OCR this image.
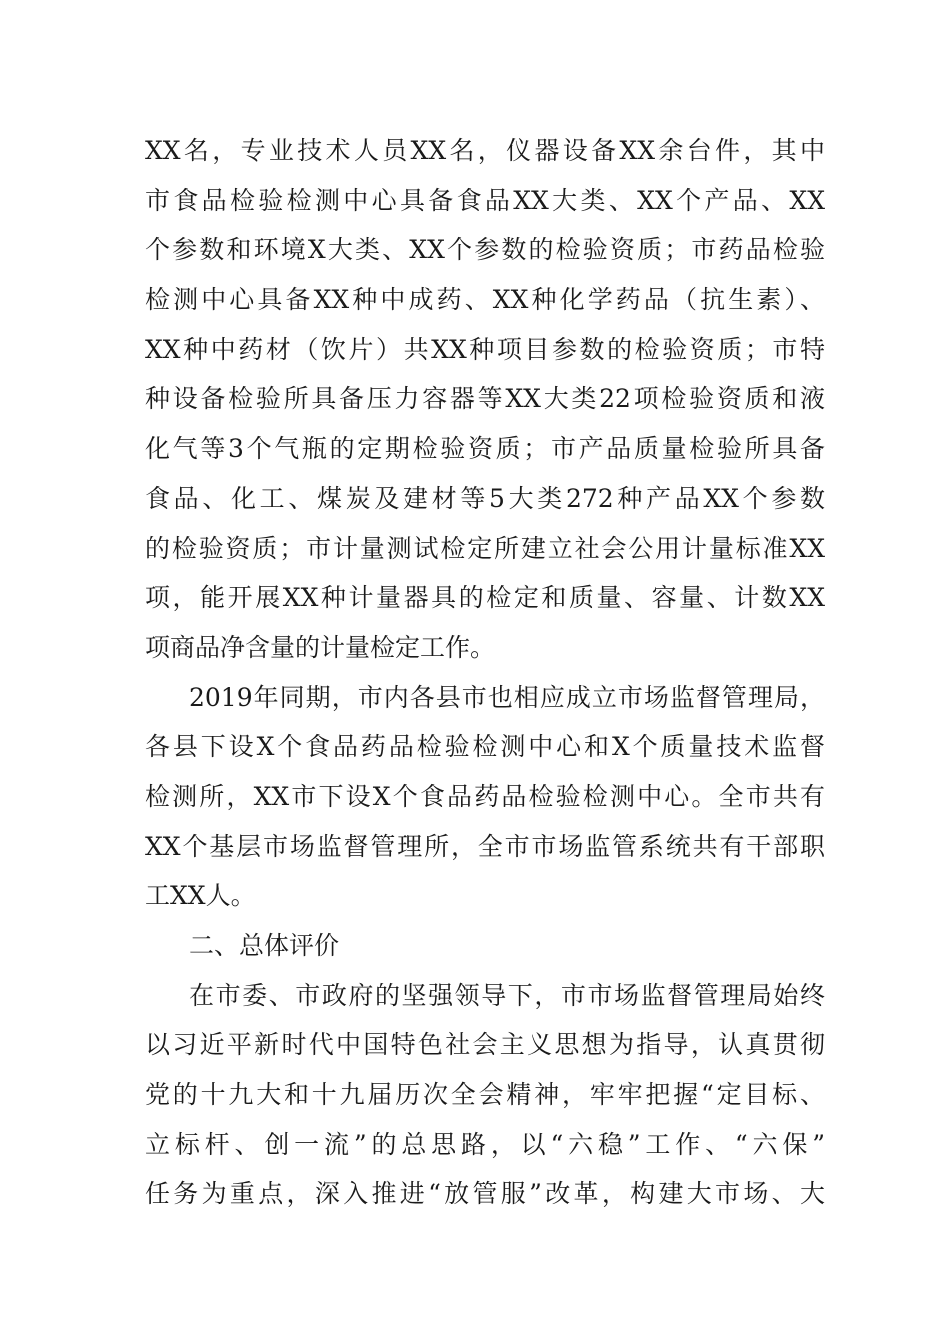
XX名，专业技术人员XX名，仪器设备XX余台件，其中
市食品检验检测中心具备食品XX大类、XX个产品、XX
个参数和环境X大类、XX个参数的检验资质；市药品检验
检测中心具备XX种中成药、XX种化学药品（抗生素）、
XX种中药材（饮片）共XX种项目参数的检验资质；市特
种设备检验所具备压力容器等XX大类22项检验资质和液
化气等3个气瓶的定期检验资质；市产品质量检验所具备
食品、化工、煤炭及建材等5大类272种产品XX个参数
的检验资质；市计量测试检定所建立社会公用计量标准XX
项，能开展XX种计量器具的检定和质量、容量、计数XX
项商品净含量的计量检定工作。
2019年同期，市内各县市也相应成立市场监督管理局，
各县下设X个食品药品检验检测中心和X个质量技术监督
检测所，XX市下设X个食品药品检验检测中心。全市共有
XX个基层市场监督管理所，全市市场监管系统共有干部职
工XX人。
二、总体评价
在市委、市政府的坚强领导下，市市场监督管理局始终
以习近平新时代中国特色社会主义思想为指导，认真贯彻
党的十九大和十九届历次全会精神，牢牢把握“定目标、
立标杆、创一流”的总思路，以“六稳”工作、“六保”
任务为重点，深入推进“放管服”改革，构建大市场、大
